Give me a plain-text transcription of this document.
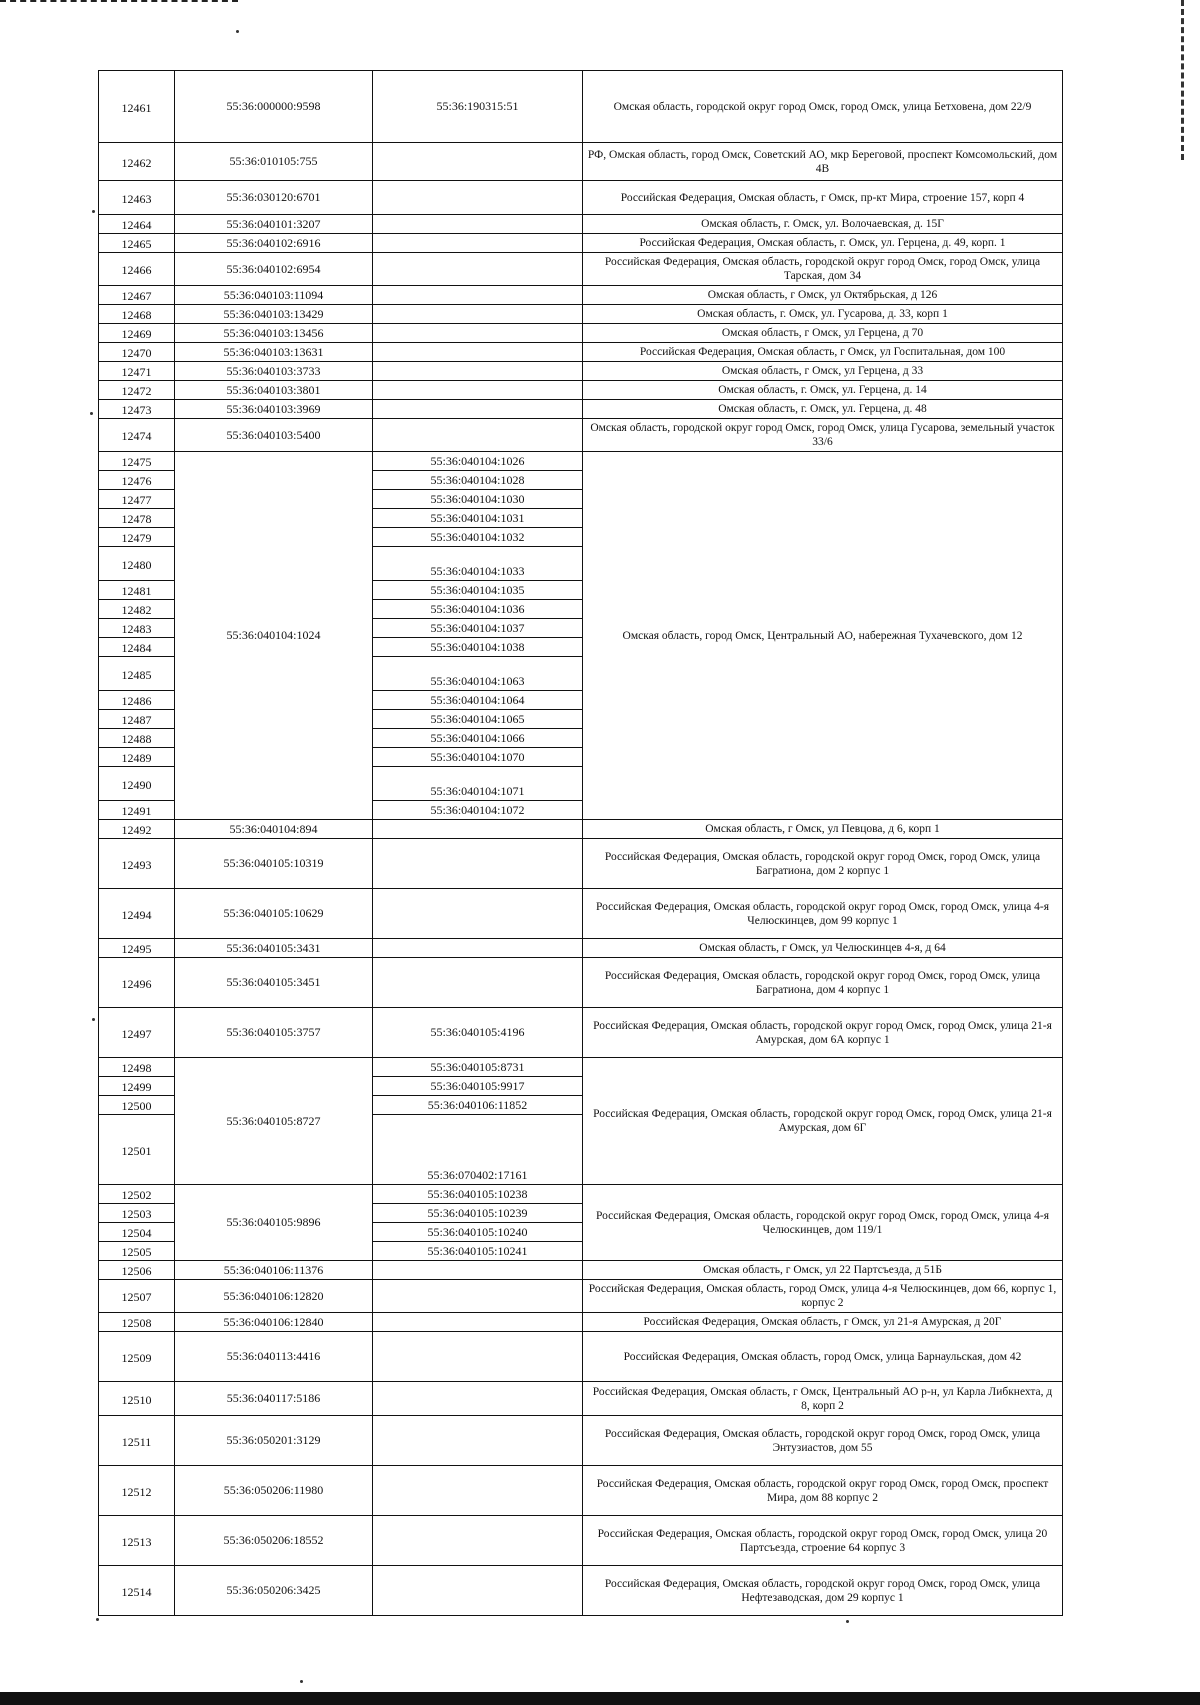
12461	55:36:000000:9598	55:36:190315:51	Омская область, городской округ город Омск, город Омск, улица Бетховена, дом 22/9
12462	55:36:010105:755		РФ, Омская область, город Омск, Советский АО, мкр Береговой, проспект Комсомольский, дом 4В
12463	55:36:030120:6701		Российская Федерация, Омская область, г Омск, пр-кт Мира, строение 157, корп 4
12464	55:36:040101:3207		Омская область, г. Омск, ул. Волочаевская, д. 15Г
12465	55:36:040102:6916		Российская Федерация, Омская область, г. Омск, ул. Герцена, д. 49, корп. 1
12466	55:36:040102:6954		Российская Федерация, Омская область, городской округ город Омск, город Омск, улица Тарская, дом 34
12467	55:36:040103:11094		Омская область, г Омск, ул Октябрьская, д 126
12468	55:36:040103:13429		Омская область, г. Омск, ул. Гусарова, д. 33, корп 1
12469	55:36:040103:13456		Омская область, г Омск, ул Герцена, д 70
12470	55:36:040103:13631		Российская Федерация, Омская область, г Омск, ул Госпитальная, дом 100
12471	55:36:040103:3733		Омская область, г Омск, ул Герцена, д 33
12472	55:36:040103:3801		Омская область, г. Омск, ул. Герцена, д. 14
12473	55:36:040103:3969		Омская область, г. Омск, ул. Герцена, д. 48
12474	55:36:040103:5400		Омская область, городской округ город Омск, город Омск, улица Гусарова, земельный участок 33/6
12475	55:36:040104:1024	55:36:040104:1026	Омская область, город Омск, Центральный АО, набережная Тухачевского, дом 12
12476		55:36:040104:1028	
12477		55:36:040104:1030	
12478		55:36:040104:1031	
12479		55:36:040104:1032	
12480		55:36:040104:1033	
12481		55:36:040104:1035	
12482		55:36:040104:1036	
12483		55:36:040104:1037	
12484		55:36:040104:1038	
12485		55:36:040104:1063	
12486		55:36:040104:1064	
12487		55:36:040104:1065	
12488		55:36:040104:1066	
12489		55:36:040104:1070	
12490		55:36:040104:1071	
12491		55:36:040104:1072	
12492	55:36:040104:894		Омская область, г Омск, ул Певцова, д 6, корп 1
12493	55:36:040105:10319		Российская Федерация, Омская область, городской округ город Омск, город Омск, улица Багратиона, дом 2 корпус 1
12494	55:36:040105:10629		Российская Федерация, Омская область, городской округ город Омск, город Омск, улица 4-я Челюскинцев, дом 99 корпус 1
12495	55:36:040105:3431		Омская область, г Омск, ул Челюскинцев 4-я, д 64
12496	55:36:040105:3451		Российская Федерация, Омская область, городской округ город Омск, город Омск, улица Багратиона, дом 4 корпус 1
12497	55:36:040105:3757	55:36:040105:4196	Российская Федерация, Омская область, городской округ город Омск, город Омск, улица 21-я Амурская, дом 6А корпус 1
12498	55:36:040105:8727	55:36:040105:8731	Российская Федерация, Омская область, городской округ город Омск, город Омск, улица 21-я Амурская, дом 6Г
12499		55:36:040105:9917	
12500		55:36:040106:11852	
12501		55:36:070402:17161	
12502	55:36:040105:9896	55:36:040105:10238	Российская Федерация, Омская область, городской округ город Омск, город Омск, улица 4-я Челюскинцев, дом 119/1
12503		55:36:040105:10239	
12504		55:36:040105:10240	
12505		55:36:040105:10241	
12506	55:36:040106:11376		Омская область, г Омск, ул 22 Партсъезда, д 51Б
12507	55:36:040106:12820		Российская Федерация, Омская область, город Омск, улица 4-я Челюскинцев, дом 66, корпус 1, корпус 2
12508	55:36:040106:12840		Российская Федерация, Омская область, г Омск, ул 21-я Амурская, д 20Г
12509	55:36:040113:4416		Российская Федерация, Омская область, город Омск, улица Барнаульская, дом 42
12510	55:36:040117:5186		Российская Федерация, Омская область, г Омск, Центральный АО р-н, ул Карла Либкнехта, д 8, корп 2
12511	55:36:050201:3129		Российская Федерация, Омская область, городской округ город Омск, город Омск, улица Энтузиастов, дом 55
12512	55:36:050206:11980		Российская Федерация, Омская область, городской округ город Омск, город Омск, проспект Мира, дом 88 корпус 2
12513	55:36:050206:18552		Российская Федерация, Омская область, городской округ город Омск, город Омск, улица 20 Партсъезда, строение 64 корпус 3
12514	55:36:050206:3425		Российская Федерация, Омская область, городской округ город Омск, город Омск, улица Нефтезаводская, дом 29 корпус 1
